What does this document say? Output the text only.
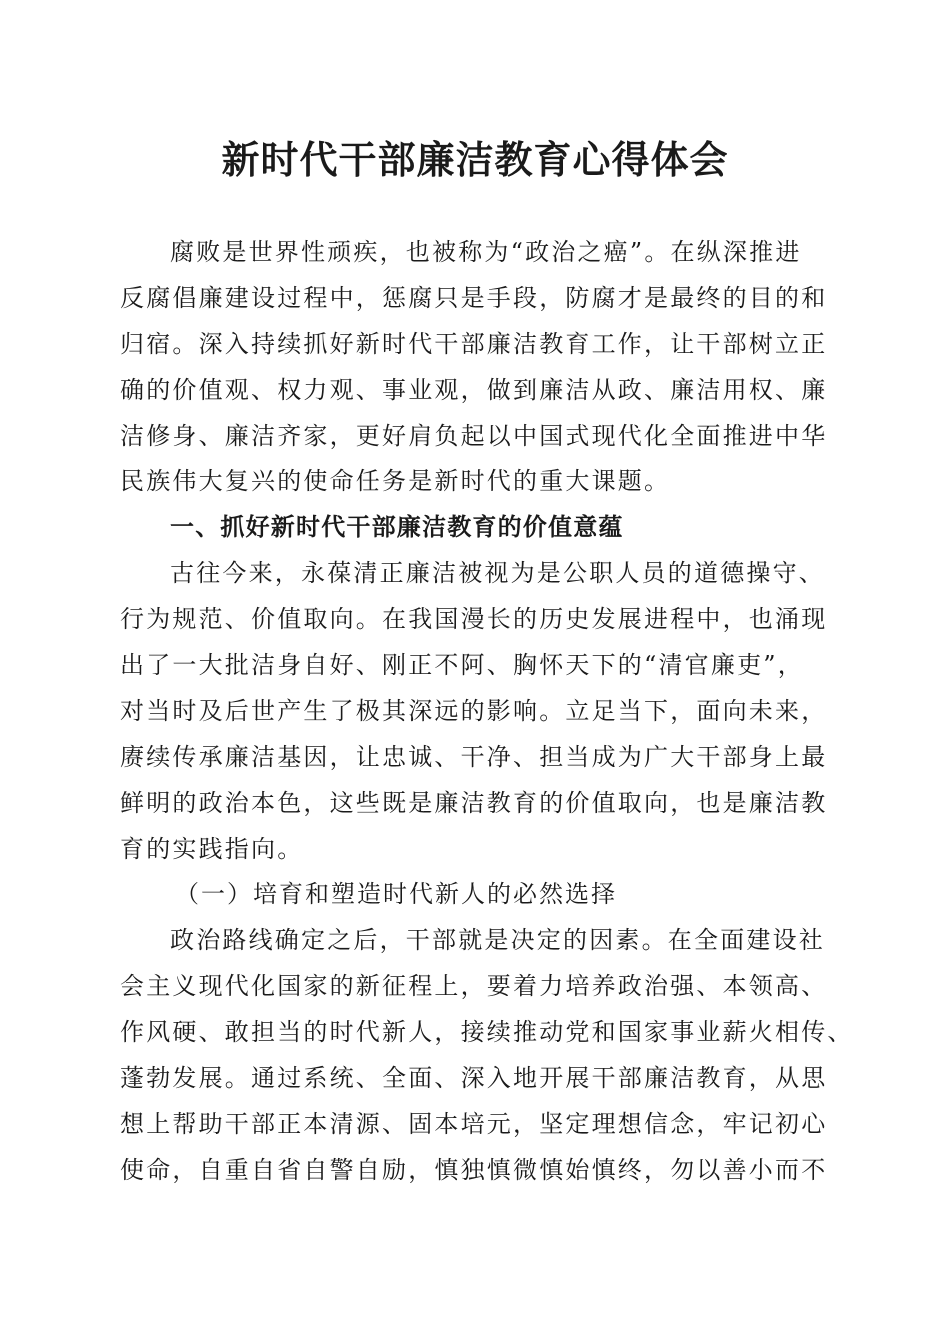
新时代干部廉洁教育心得体会

腐败是世界性顽疾，也被称为“政治之癌”。在纵深推进

反腐倡廉建设过程中，惩腐只是手段，防腐才是最终的目的和

归宿。深入持续抓好新时代干部廉洁教育工作，让干部树立正

确的价值观、权力观、事业观，做到廉洁从政、廉洁用权、廉

洁修身、廉洁齐家，更好肩负起以中国式现代化全面推进中华

民族伟大复兴的使命任务是新时代的重大课题。

一、抓好新时代干部廉洁教育的价值意蕴

古往今来，永葆清正廉洁被视为是公职人员的道德操守、

行为规范、价值取向。在我国漫长的历史发展进程中，也涌现

出了一大批洁身自好、刚正不阿、胸怀天下的“清官廉吏”，

对当时及后世产生了极其深远的影响。立足当下，面向未来，

赓续传承廉洁基因，让忠诚、干净、担当成为广大干部身上最

鲜明的政治本色，这些既是廉洁教育的价值取向，也是廉洁教

育的实践指向。

（一）培育和塑造时代新人的必然选择

政治路线确定之后，干部就是决定的因素。在全面建设社

会主义现代化国家的新征程上，要着力培养政治强、本领高、

作风硬、敢担当的时代新人，接续推动党和国家事业薪火相传、

蓬勃发展。通过系统、全面、深入地开展干部廉洁教育，从思

想上帮助干部正本清源、固本培元，坚定理想信念，牢记初心

使命，自重自省自警自励，慎独慎微慎始慎终，勿以善小而不
